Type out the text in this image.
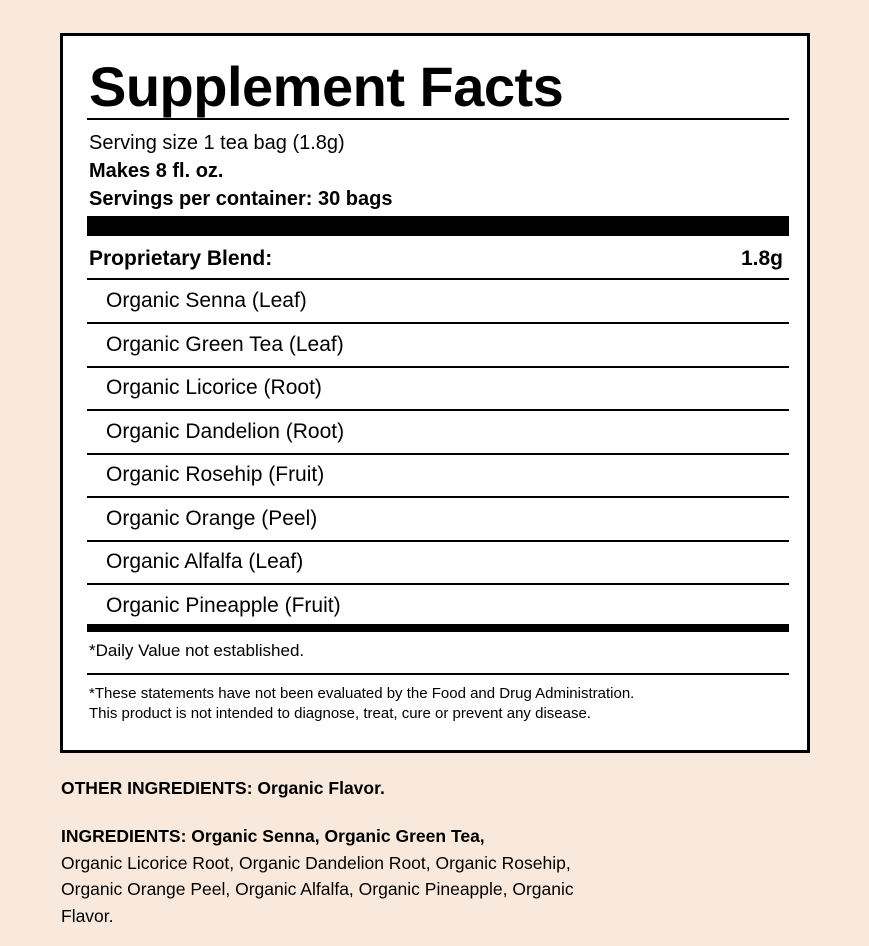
Supplement Facts
Serving size 1 tea bag (1.8g)
Makes 8 fl. oz.
Servings per container: 30 bags
Proprietary Blend:	1.8g
Organic Senna (Leaf)
Organic Green Tea (Leaf)
Organic Licorice (Root)
Organic Dandelion (Root)
Organic Rosehip (Fruit)
Organic Orange (Peel)
Organic Alfalfa (Leaf)
Organic Pineapple (Fruit)
*Daily Value not established.
*These statements have not been evaluated by the Food and Drug Administration. This product is not intended to diagnose, treat, cure or prevent any disease.
OTHER INGREDIENTS: Organic Flavor.
INGREDIENTS: Organic Senna, Organic Green Tea,
Organic Licorice Root, Organic Dandelion Root, Organic Rosehip, Organic Orange Peel, Organic Alfalfa, Organic Pineapple, Organic Flavor.
